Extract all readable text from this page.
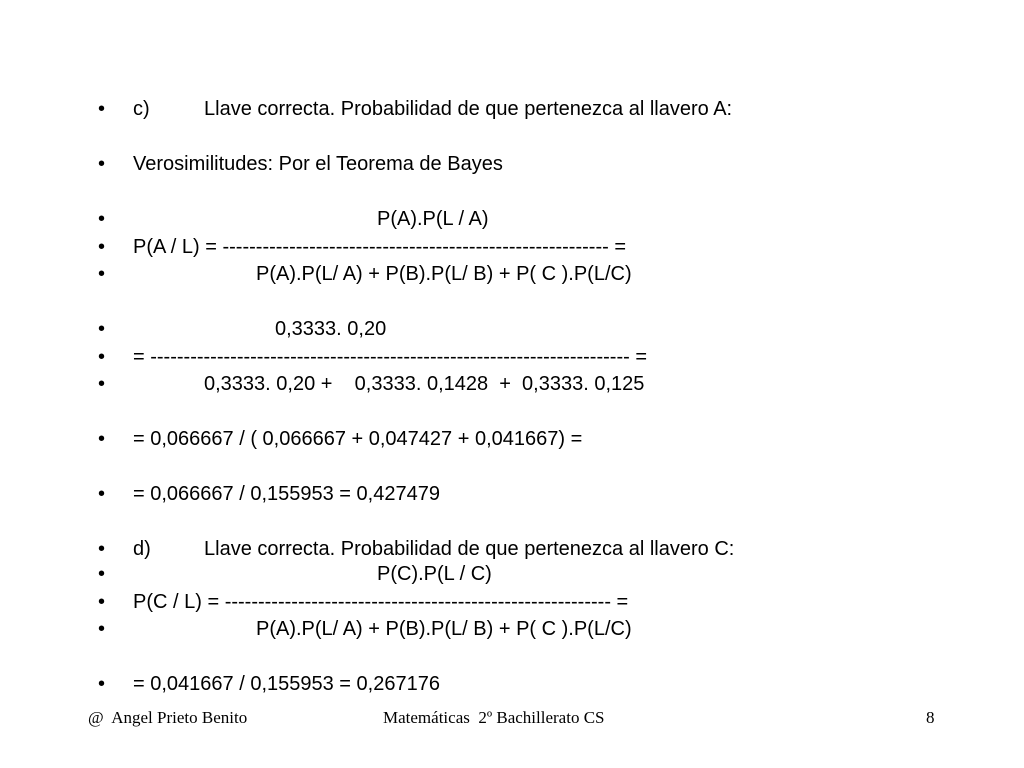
• c)	Llave correcta. Probabilidad de que pertenezca al llavero A:
• Verosimilitudes: Por el Teorema de Bayes
•	P(A).P(L / A)
• P(A / L) = ---------------------------------------------------------- =
•	P(A).P(L/ A) + P(B).P(L/ B) + P( C ).P(L/C)
•	0,3333. 0,20
• = ------------------------------------------------------------------------ =
•	0,3333. 0,20 +    0,3333. 0,1428  +  0,3333. 0,125
• = 0,066667 / ( 0,066667 + 0,047427 + 0,041667) =
• = 0,066667 / 0,155953 = 0,427479
• d)	Llave correcta. Probabilidad de que pertenezca al llavero C:
•	P(C).P(L / C)
• P(C / L) = ---------------------------------------------------------- =
•	P(A).P(L/ A) + P(B).P(L/ B) + P( C ).P(L/C)
• = 0,041667 / 0,155953 = 0,267176
@  Angel Prieto Benito	Matemáticas  2º Bachillerato CS	8
